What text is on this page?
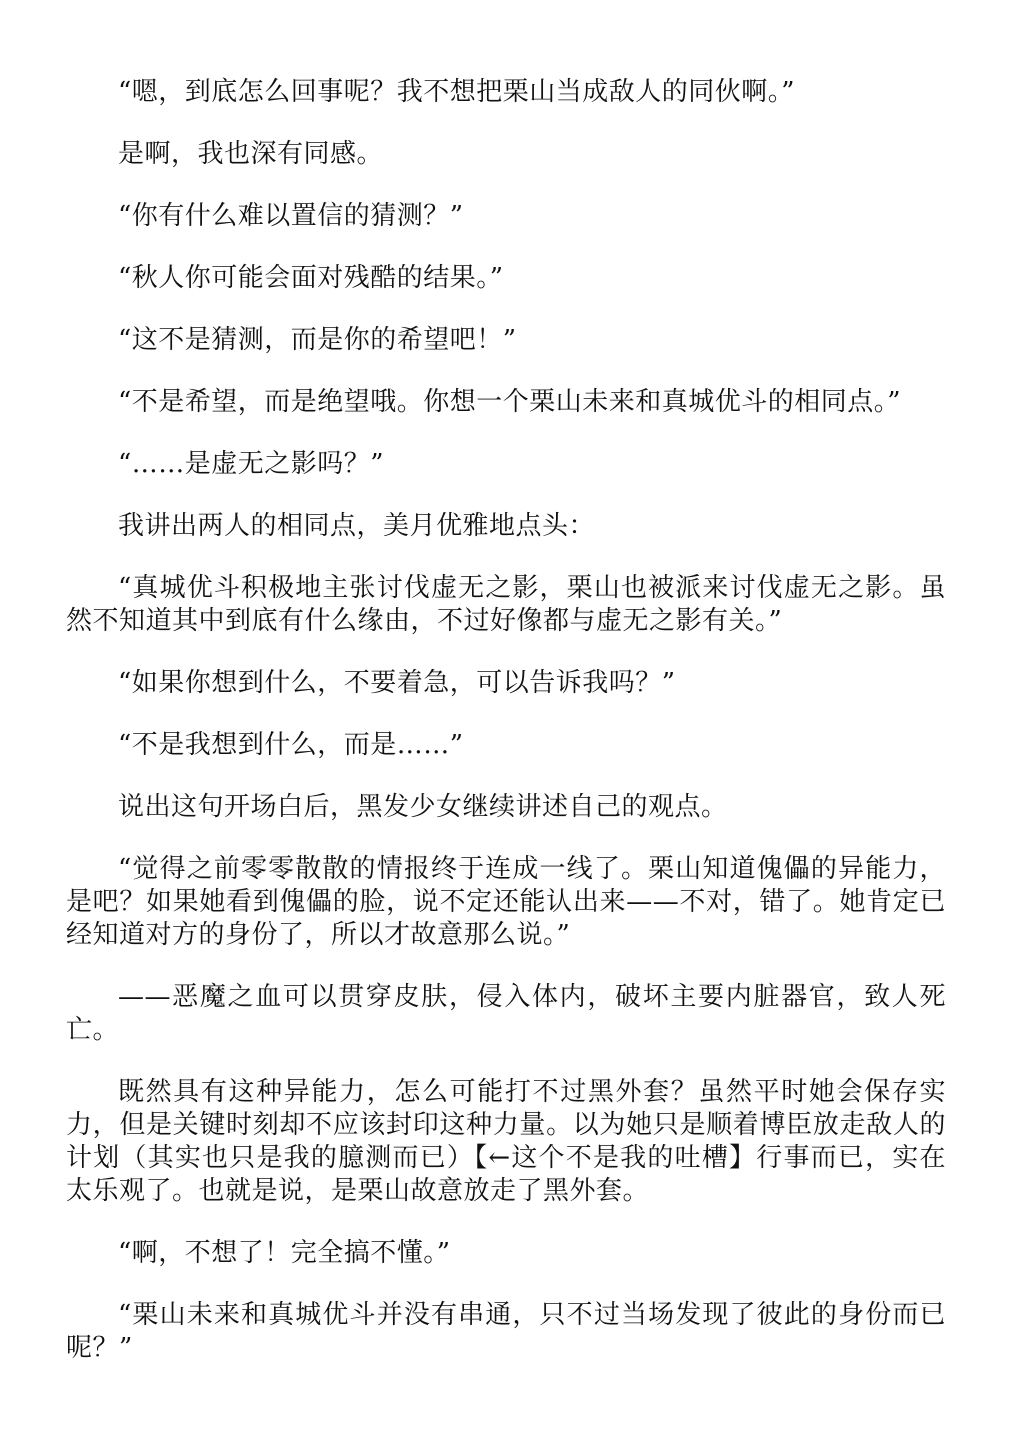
“嗯，到底怎么回事呢？我不想把栗山当成敌人的同伙啊。”

是啊，我也深有同感。

“你有什么难以置信的猜测？”

“秋人你可能会面对残酷的结果。”

“这不是猜测，而是你的希望吧！”

“不是希望，而是绝望哦。你想一个栗山未来和真城优斗的相同点。”

“……是虚无之影吗？”

我讲出两人的相同点，美月优雅地点头：

“真城优斗积极地主张讨伐虚无之影，栗山也被派来讨伐虚无之影。虽然不知道其中到底有什么缘由，不过好像都与虚无之影有关。”

“如果你想到什么，不要着急，可以告诉我吗？”

“不是我想到什么，而是……”

说出这句开场白后，黑发少女继续讲述自己的观点。

“觉得之前零零散散的情报终于连成一线了。栗山知道傀儡的异能力，是吧？如果她看到傀儡的脸，说不定还能认出来——不对，错了。她肯定已经知道对方的身份了，所以才故意那么说。”

——恶魔之血可以贯穿皮肤，侵入体内，破坏主要内脏器官，致人死亡。

既然具有这种异能力，怎么可能打不过黑外套？虽然平时她会保存实力，但是关键时刻却不应该封印这种力量。以为她只是顺着博臣放走敌人的计划（其实也只是我的臆测而已）【←这个不是我的吐槽】行事而已，实在太乐观了。也就是说，是栗山故意放走了黑外套。

“啊，不想了！完全搞不懂。”

“栗山未来和真城优斗并没有串通，只不过当场发现了彼此的身份而已呢？”
